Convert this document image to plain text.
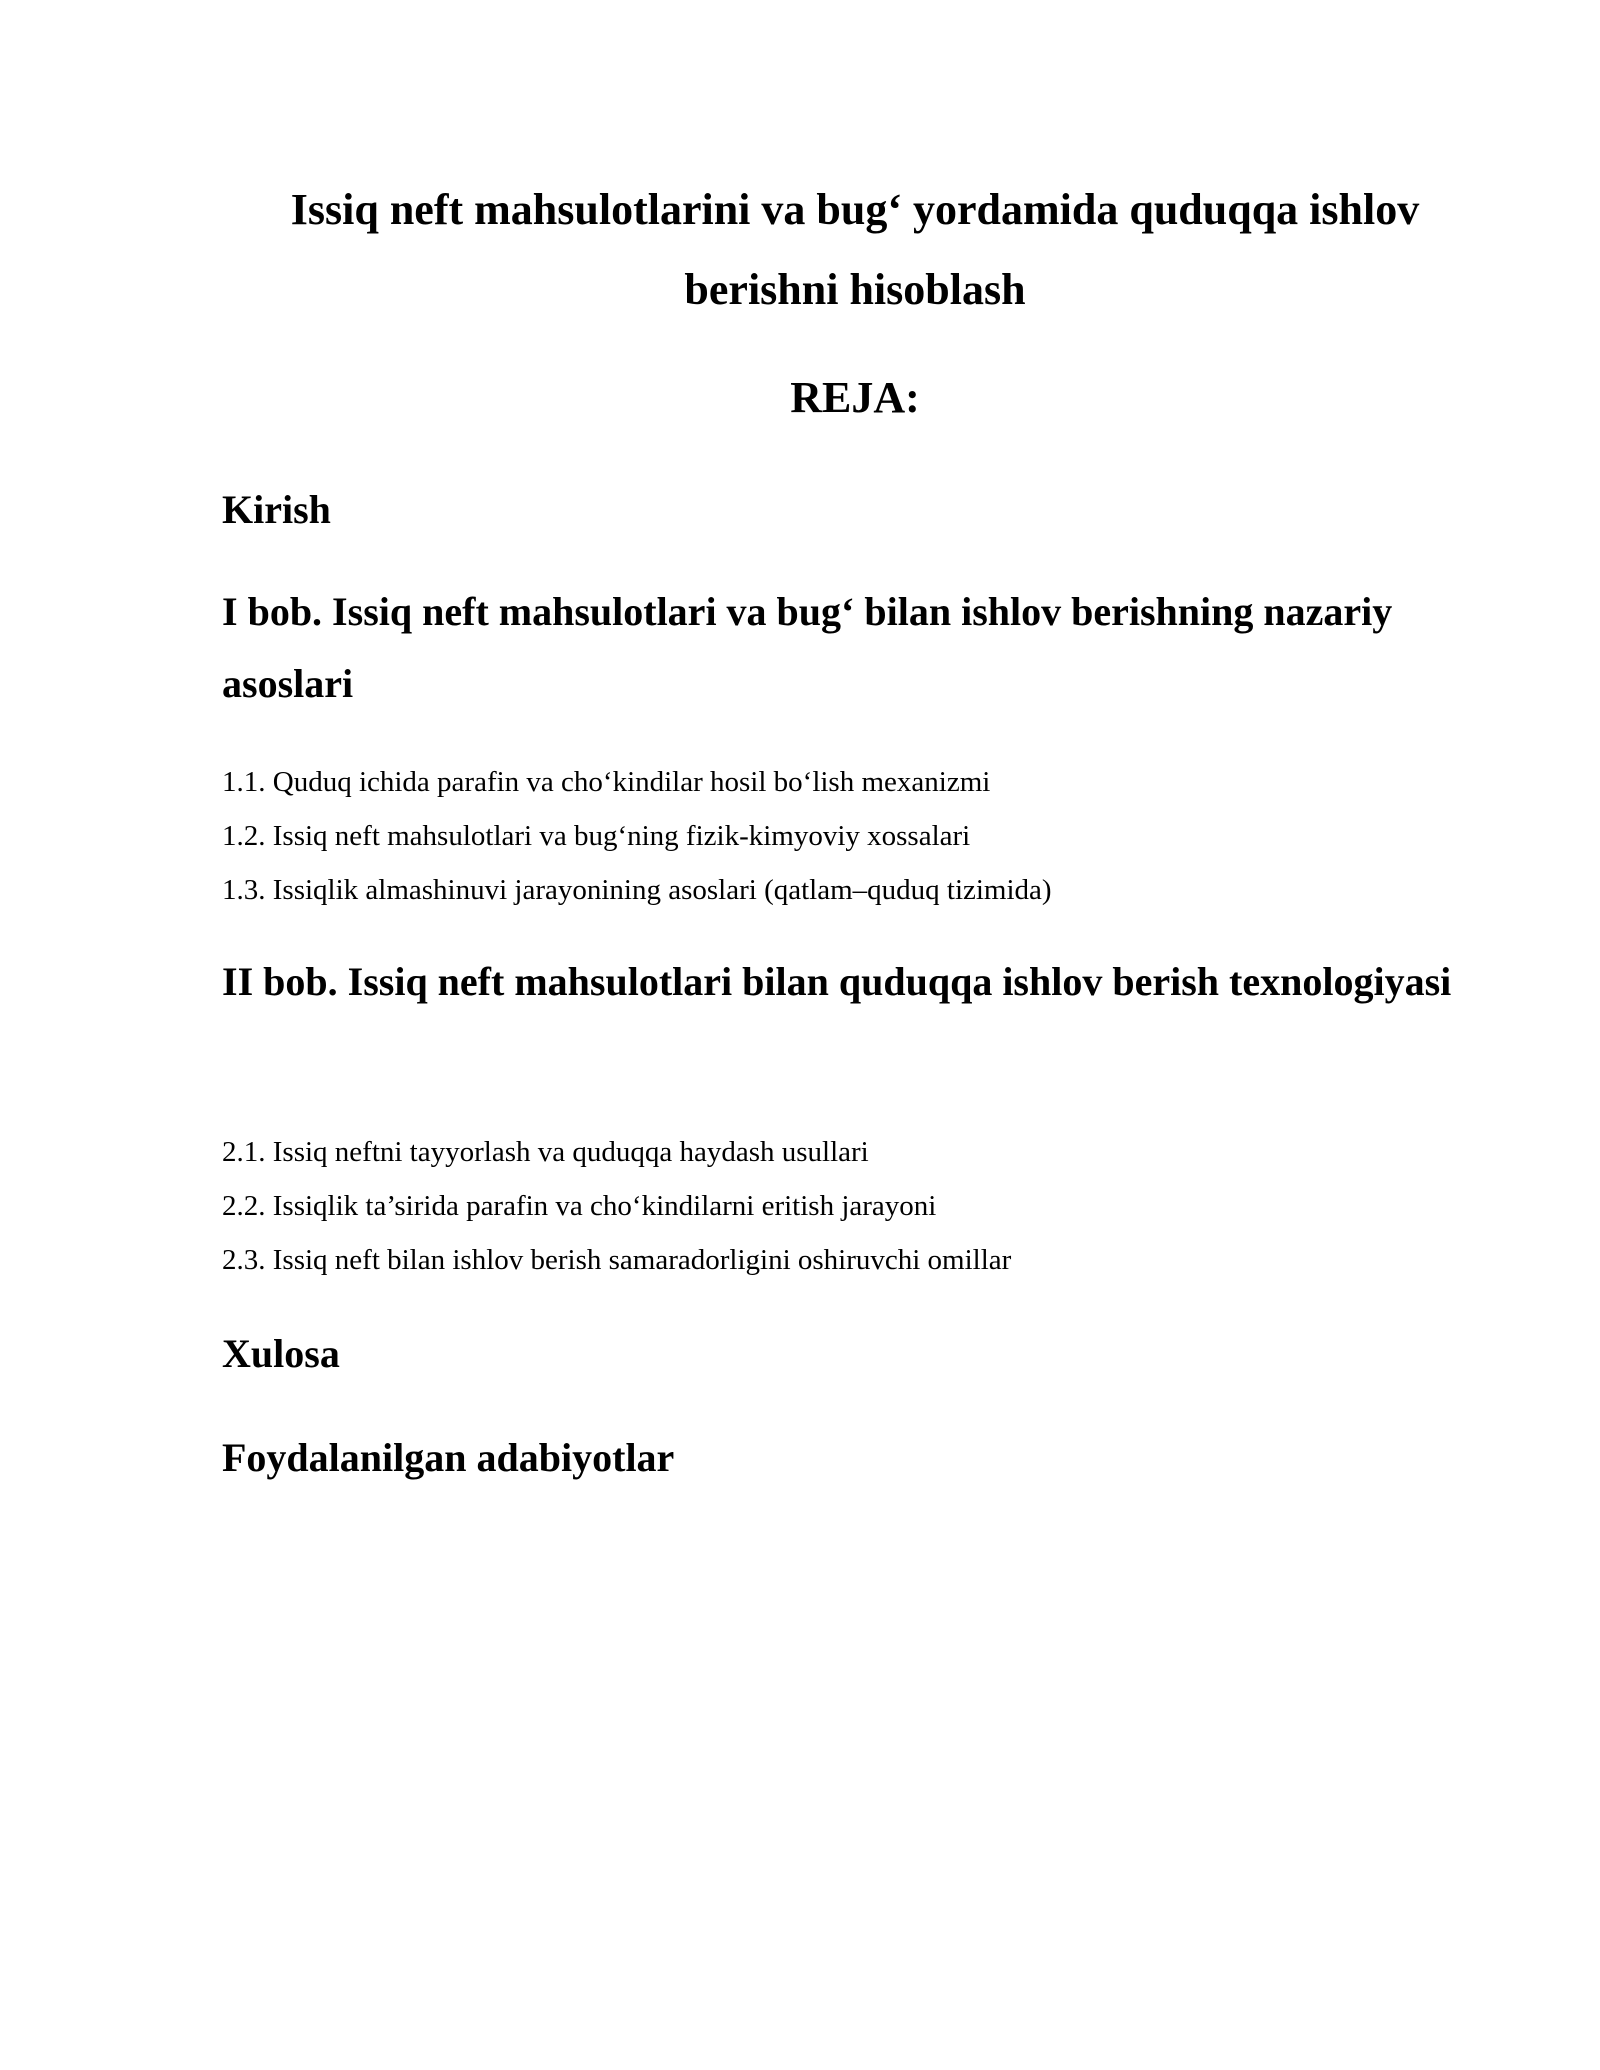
Issiq neft mahsulotlarini va bug‘ yordamida quduqqa ishlov berishni hisoblash
REJA:
Kirish
I bob. Issiq neft mahsulotlari va bug‘ bilan ishlov berishning nazariy asoslari

1.1. Quduq ichida parafin va cho‘kindilar hosil bo‘lish mexanizmi

1.2. Issiq neft mahsulotlari va bug‘ning fizik-kimyoviy xossalari

1.3. Issiqlik almashinuvi jarayonining asoslari (qatlam–quduq tizimida)

II bob. Issiq neft mahsulotlari bilan quduqqa ishlov berish texnologiyasi

2.1. Issiq neftni tayyorlash va quduqqa haydash usullari

2.2. Issiqlik ta’sirida parafin va cho‘kindilarni eritish jarayoni

2.3. Issiq neft bilan ishlov berish samaradorligini oshiruvchi omillar

Xulosa
Foydalanilgan adabiyotlar
